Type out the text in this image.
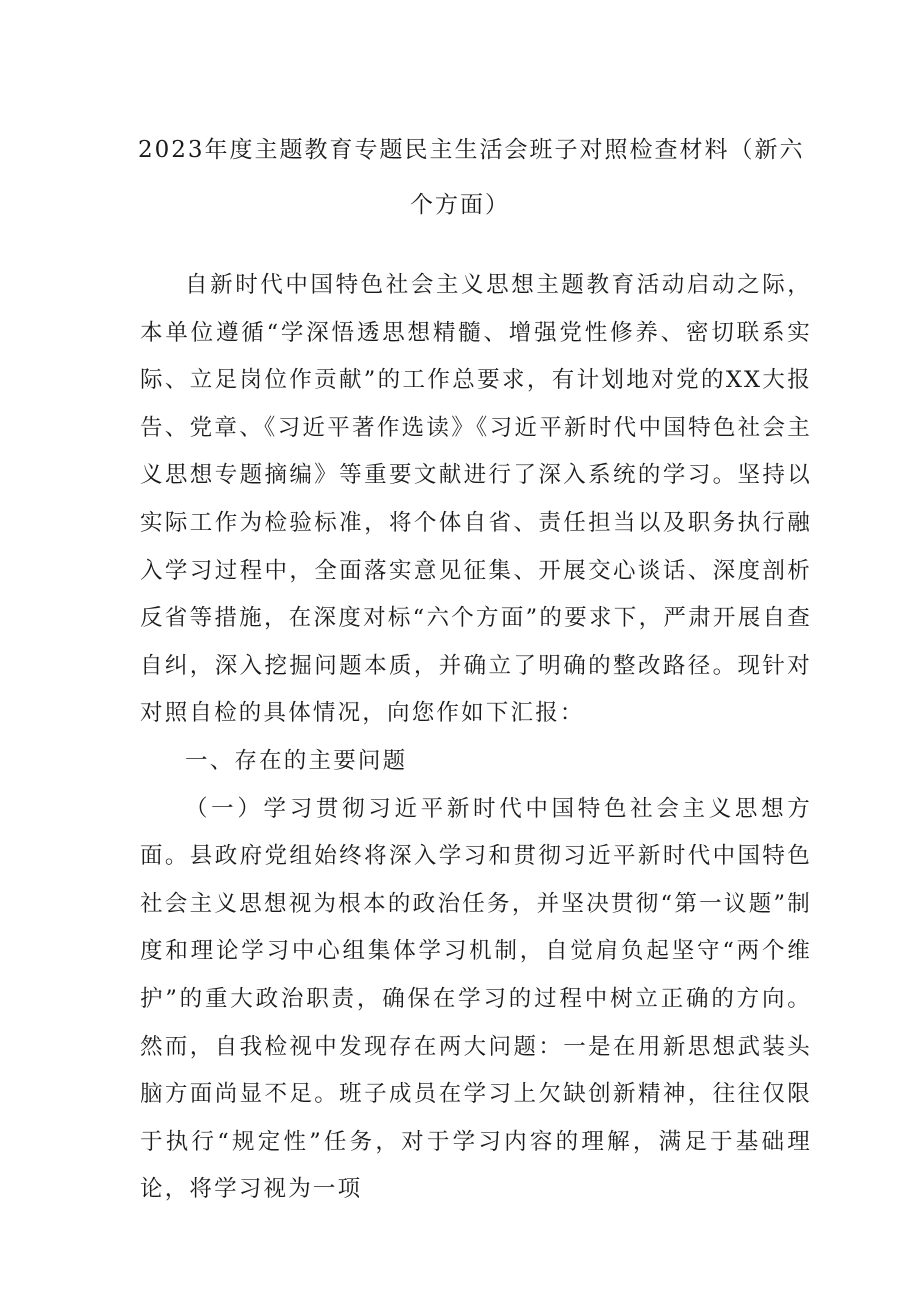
2023年度主题教育专题民主生活会班子对照检查材料（新六
个方面）

自新时代中国特色社会主义思想主题教育活动启动之际，本单位遵循“学深悟透思想精髓、增强党性修养、密切联系实际、立足岗位作贡献”的工作总要求，有计划地对党的XX大报告、党章、《习近平著作选读》《习近平新时代中国特色社会主义思想专题摘编》等重要文献进行了深入系统的学习。坚持以实际工作为检验标准，将个体自省、责任担当以及职务执行融入学习过程中，全面落实意见征集、开展交心谈话、深度剖析反省等措施，在深度对标“六个方面”的要求下，严肃开展自查自纠，深入挖掘问题本质，并确立了明确的整改路径。现针对对照自检的具体情况，向您作如下汇报：

一、存在的主要问题

（一）学习贯彻习近平新时代中国特色社会主义思想方面。县政府党组始终将深入学习和贯彻习近平新时代中国特色社会主义思想视为根本的政治任务，并坚决贯彻“第一议题”制度和理论学习中心组集体学习机制，自觉肩负起坚守“两个维护”的重大政治职责，确保在学习的过程中树立正确的方向。然而，自我检视中发现存在两大问题：一是在用新思想武装头脑方面尚显不足。班子成员在学习上欠缺创新精神，往往仅限于执行“规定性”任务，对于学习内容的理解，满足于基础理论，将学习视为一项
